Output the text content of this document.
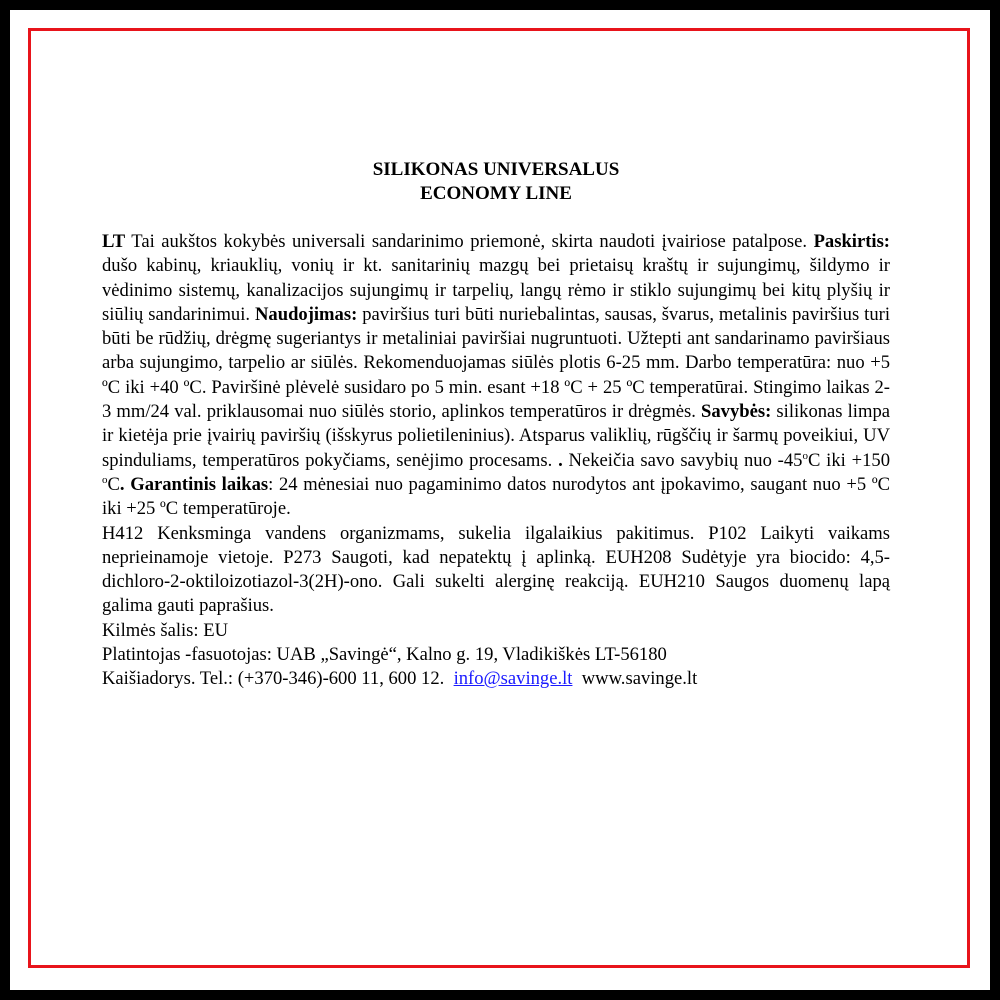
SILIKONAS UNIVERSALUS
ECONOMY LINE

LT Tai aukštos kokybės universali sandarinimo priemonė, skirta naudoti įvairiose patalpose. Paskirtis: dušo kabinų, kriauklių, vonių ir kt. sanitarinių mazgų bei prietaisų kraštų ir sujungimų, šildymo ir vėdinimo sistemų, kanalizacijos sujungimų ir tarpelių, langų rėmo ir stiklo sujungimų bei kitų plyšių ir siūlių sandarinimui. Naudojimas: paviršius turi būti nuriebalintas, sausas, švarus, metalinis paviršius turi būti be rūdžių, drėgmę sugeriantys ir metaliniai paviršiai nugruntuoti. Užtepti ant sandarinamo paviršiaus arba sujungimo, tarpelio ar siūlės. Rekomenduojamas siūlės plotis 6-25 mm. Darbo temperatūra: nuo +5 ºC iki +40 ºC. Paviršinė plėvelė susidaro po 5 min. esant +18 ºC + 25 ºC temperatūrai. Stingimo laikas 2-3 mm/24 val. priklausomai nuo siūlės storio, aplinkos temperatūros ir drėgmės. Savybės: silikonas limpa ir kietėja prie įvairių paviršių (išskyrus polietileninius). Atsparus valiklių, rūgščių ir šarmų poveikiui, UV spinduliams, temperatūros pokyčiams, senėjimo procesams. . Nekeičia savo savybių nuo -45$^o$C iki +150 $^o$C. Garantinis laikas: 24 mėnesiai nuo pagaminimo datos nurodytos ant įpokavimo, saugant nuo +5 ºC iki +25 ºC temperatūroje.

H412 Kenksminga vandens organizmams, sukelia ilgalaikius pakitimus. P102 Laikyti vaikams neprieinamoje vietoje. P273 Saugoti, kad nepatektų į aplinką. EUH208 Sudėtyje yra biocido: 4,5-dichloro-2-oktiloizotiazol-3(2H)-ono. Gali sukelti alerginę reakciją. EUH210 Saugos duomenų lapą galima gauti paprašius.

Kilmės šalis: EU

Platintojas -fasuotojas: UAB „Savingė“, Kalno g. 19, Vladikiškės LT-56180

Kaišiadorys. Tel.: (+370-346)-600 11, 600 12.  info@savinge.lt  www.savinge.lt
